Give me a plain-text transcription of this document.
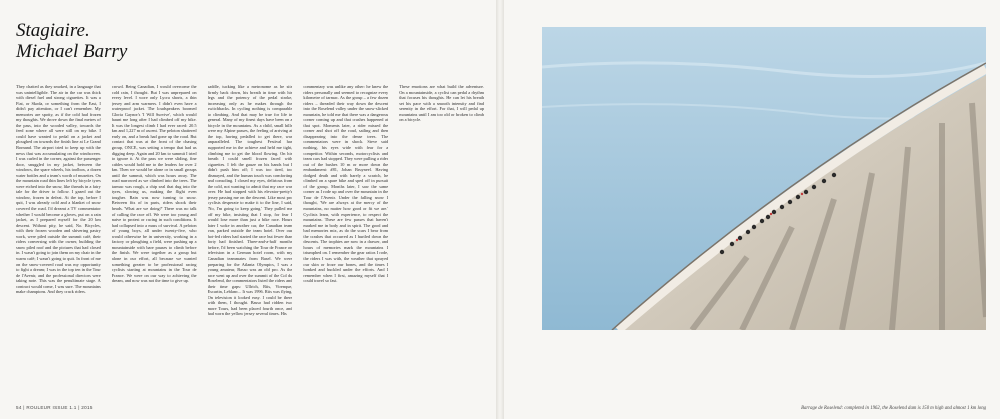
Stagiaire.
Michael Barry
They chatted as they smoked, in a language that was unintelligible. The air in the car was thick with diesel fuel and strong cigarettes. It was a Fiat, or Skoda, or something from the East, I didn't pay attention, or I can't remember. My memories are spotty, as if the cold had frozen my thoughts. We drove down the final metres of the pass, into the wooded valley, towards the feed zone where all were still on my bike. I could have wanted to pedal on a jacket and ploughed on towards the finish line at Le Grand Bornand. The airport tried to keep up with the news that was accumulating on the windscreen. I was curled in the corner, against the passenger door, snuggled in my jacket, between the windows, the spare wheels, his toolbox, a dozen water bottles and a team's worth of musettes. On the mountain road thin lines left by bicycle tyres were etched into the snow, like threads in a fairy tale for the driver to follow. I gazed out the window, frozen in defeat. At the top, before I quit, I was already cold and a blanket of snow covered the road. I'd dreamt a TV commentator whether I would become a gloves, put on a rain jacket, as I prepared myself for the 20 km descent. Without pity, he said, No. Bicycles, with their frozen wooden and shivering pastry work, were piled outside the summit café, their riders conversing with the owner, building the snow piled roof and the pictures that had closed in. I wasn't going to join them on my chair in the warm café; I wasn't going to quit. In front of me on the snow-covered road was my opportunity to fight a dream; I was in the top ten in the Tour de l'Avenir, and the professional directors were taking note. This was the penultimate stage. A contract would come, I was sure. The mountains make champions. And they crack riders.
crowd. Being Canadian, I would overcome the cold rain, I thought. But I was unprepared on every level. I wore only Lycra shorts, a thin jersey and arm warmers. I didn't even have a waterproof jacket. The loudspeakers boomed Gloria Gaynor's 'I Will Survive', which would haunt me long after I had climbed off my bike. It was the longest climb I had ever raced: 20.5 km and 1,227 m of ascent. The peloton shattered early on, and a break had gone up the road. But contact that was at the front of the chasing group, ONCE, was setting a tempo that had us digging deep. Again and 20 km to summit I tried to ignore it. At the pass we were sliding, fine cables would hold me to the leaders for over 2 km. Then we would be alone or in small groups until the summit, which was hours away. The road narrowed as we climbed into the trees. The tarmac was rough, a chip seal that dug into the tyres, slowing us, making the flight even tougher. Rain was now turning to snow. Between fits of in parts, riders shook their heads. 'What are we doing?' There was no talk of calling the race off. We were too young and naive to protest or racing in such conditions. It had collapsed into a mass of survival. A peloton of young boys, all under twenty-five, who would otherwise be in university, working in a factory or ploughing a field, were pushing up a mountainside with bare pauses to climb before the finish. We were together as a group but alone in our effort, all because we wanted something greater to be professional racing cyclists starting at mountains in the Tour de France. We were on our way to achieving the dream, and now was not the time to give up.
saddle, tucking like a metronome as he sits firmly back down, his breath in time with his legs and the potency of the pedal stroke, increasing only as he makes through the switchbacks. In cycling nothing is comparable to climbing. And that may be true for life in general. Many of my finest days have been on a bicycle in the mountains. As a child, small hills were my Alpine passes, the feeling of arriving at the top, having pedalled to get there, was unparalleled. The toughest Festival has supported me in the achieve and held me tight, climbing me to get the blood flowing. On his breath I could smell frozen faced with cigarettes. I felt the gauze on his hands but I didn't push him off; I was too tired, too dismayed, and the human touch was comforting and consoling. I closed my eyes, delirious from the cold, not wanting to admit that my race was over. He had stopped with his elevator-pretty's jersey passing me on the descent. Like most pro cyclists desperate to make it to the line, I said, 'No, I'm going to keep going.' They pulled me off my bike, insisting that I stop, for fear I would lose more than just a bike race. Hours later I woke in another car, the Canadian team van, parked outside the team hotel. Over our hot-fed riders had started the race but fewer than forty had finished. Three-and-a-half months before, I'd been watching the Tour de France on television in a German hotel room, with my Canadian teammates from Basel. We were preparing for the Atlanta Olympics, I was a young amateur, Basso was an old pro. As the race went up and over the summit of the Col du Roselend, the commentators listed the riders and their time gaps: Ullrich, Riis, Virenque, Escartin, Leblanc... It was 1996. Riis was flying. On television it looked easy. I could be there with them, I thought. Basso had ridden two more Tours, had been placed fourth once, and had worn the yellow jersey several times. His
commentary was unlike any other: he knew the riders personally and seemed to recognize every kilometre of tarmac. As the group – a few dozen riders – threaded their way down the descent into the Roselend valley under the snow-slicked mountain, he told me that there was a dangerous corner coming up and that crashes happened at that spot. Moments later, a rider missed the corner and shot off the road, sailing and then disappearing into the dense trees. The commentators were in shock. Steve said nothing, his eyes wide with fear for a competitor. Within seconds, motorcyclists and team cars had stopped. They were pulling a rider out of the bushes 10 m or more down the embankment: #81, Johan Bruyneel. Having dodged death and with barely a scratch, he climbed on a spare bike and sped off in pursuit of the group. Months later, I saw the same corner as I rode up and over the mountain in the Tour de l'Avenir. Under the falling snow I thought, 'We are always at the mercy of the mountains, no matter how good or fit we are.' Cyclists learn, with experience, to respect the mountains. These are few passes that haven't marked me in body and in spirit. The good and bad memories mix, as do the scars I bear from the crashes that occurred as I hurtled down the descents. The trophies are now in a drawer, and hours of memories mark the mountains I triumphed on. I remember the gear ratios I rode, the riders I was with, the weather that sprayed our skin or froze our bones, and the times I honked and buckled under the efforts. And I remember when I first, amazing myself that I could travel so fast.
These emotions are what build the adventure. On a mountainside, a cyclist can pedal a rhythm that focuses his thoughts. He can let his breath set his pace with a smooth intensity and find serenity in the effort. For that, I will pedal up mountains until I am too old or broken to climb on a bicycle.
54 | ROULEUR ISSUE 1.1 | 2015	Barrage de Roselend: completed in 1962, the Roselend dam is 150 m high and almost 1 km long
